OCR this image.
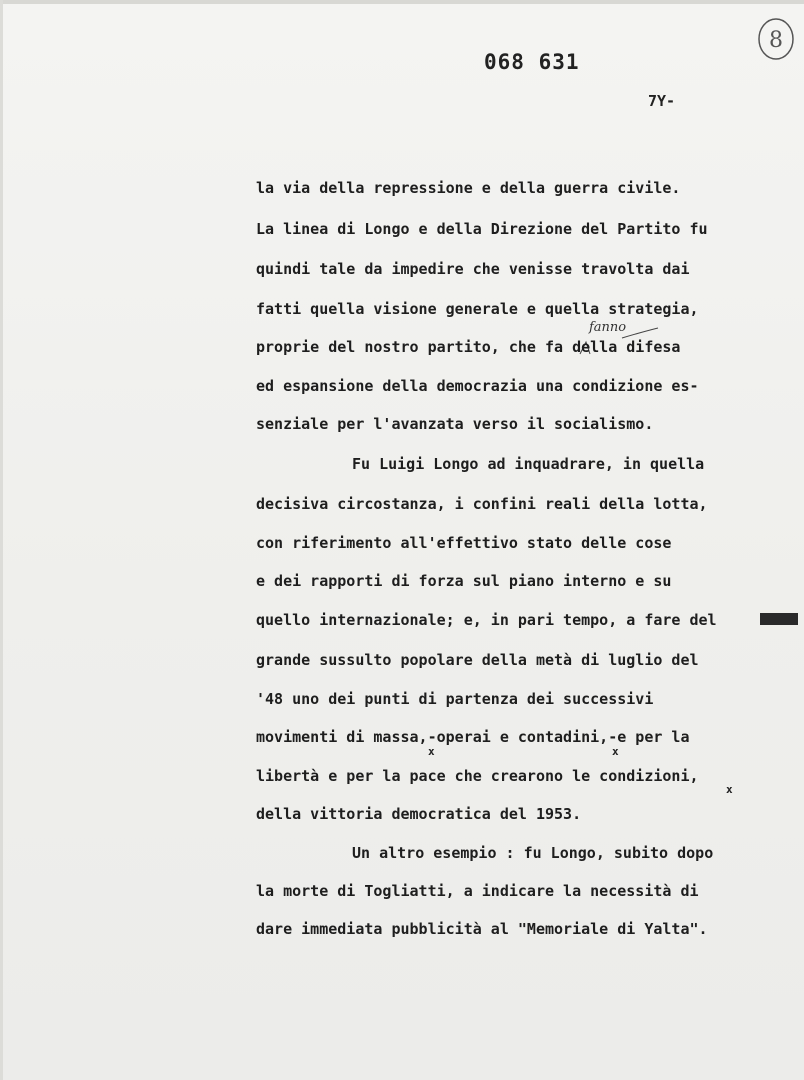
068 631
7Y-
8
fanno
la via della repressione e della guerra civile.
La linea di Longo e della Direzione del Partito fu
quindi tale da impedire che venisse travolta dai
fatti quella visione generale e quella strategia,
proprie del nostro partito, che fa della difesa
ed espansione della democrazia una condizione es-
senziale per l'avanzata verso il socialismo.
Fu Luigi Longo ad inquadrare, in quella
decisiva circostanza, i confini reali della lotta,
con riferimento all'effettivo stato delle cose
e dei rapporti di forza sul piano interno e su
quello internazionale; e, in pari tempo, a fare del
grande sussulto popolare della metà di luglio del
'48 uno dei punti di partenza dei successivi
movimenti di massa,-operai e contadini,-e per la
libertà e per la pace che crearono le condizioni,
della vittoria democratica del 1953.
Un altro esempio : fu Longo, subito dopo
la morte di Togliatti, a indicare la necessità di
dare immediata pubblicità al "Memoriale di Yalta".
x	x
x
